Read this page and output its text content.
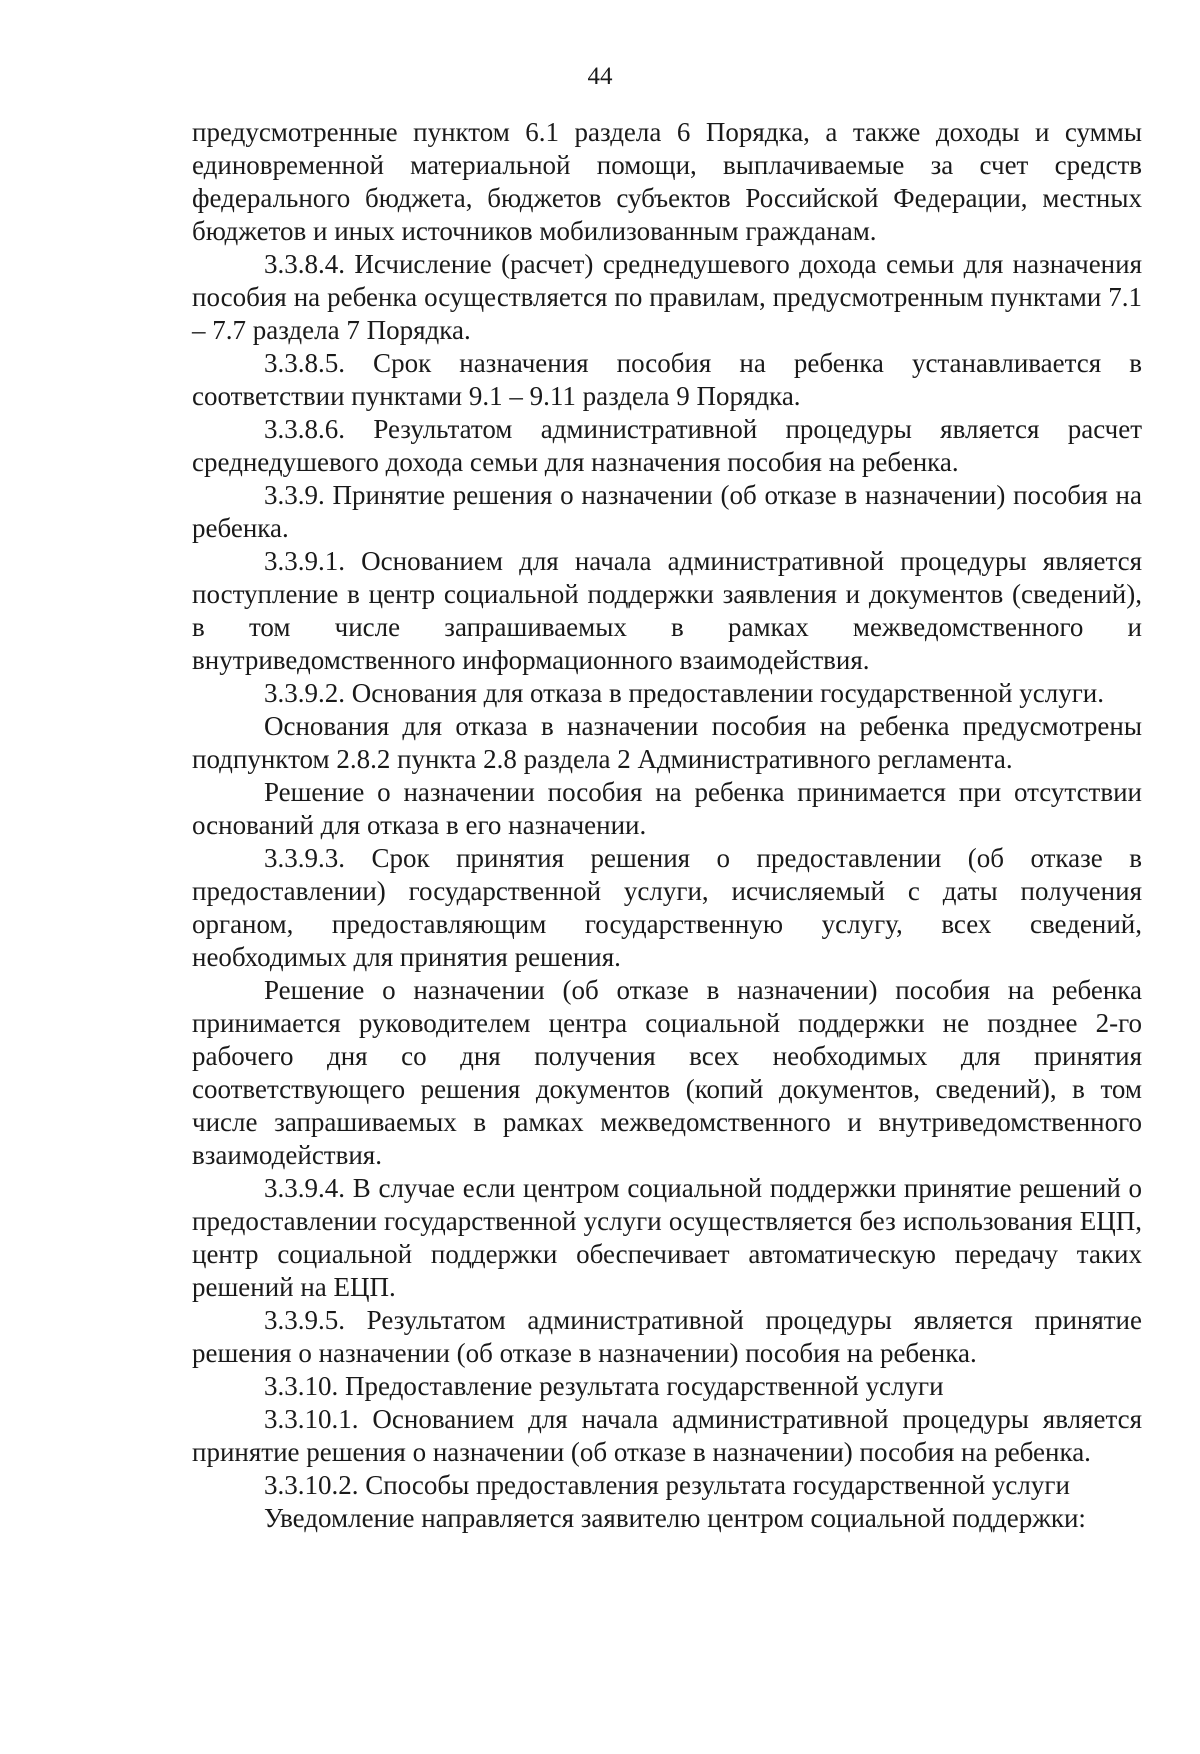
44

предусмотренные пунктом 6.1 раздела 6 Порядка, а также доходы и суммы единовременной материальной помощи, выплачиваемые за счет средств федерального бюджета, бюджетов субъектов Российской Федерации, местных бюджетов и иных источников мобилизованным гражданам.

3.3.8.4. Исчисление (расчет) среднедушевого дохода семьи для назначения пособия на ребенка осуществляется по правилам, предусмотренным пунктами 7.1 – 7.7 раздела 7 Порядка.

3.3.8.5. Срок назначения пособия на ребенка устанавливается в соответствии пунктами 9.1 – 9.11 раздела 9 Порядка.

3.3.8.6. Результатом административной процедуры является расчет среднедушевого дохода семьи для назначения пособия на ребенка.

3.3.9. Принятие решения о назначении (об отказе в назначении) пособия на ребенка.

3.3.9.1. Основанием для начала административной процедуры является поступление в центр социальной поддержки заявления и документов (сведений), в том числе запрашиваемых в рамках межведомственного и внутриведомственного информационного взаимодействия.

3.3.9.2. Основания для отказа в предоставлении государственной услуги.

Основания для отказа в назначении пособия на ребенка предусмотрены подпунктом 2.8.2 пункта 2.8 раздела 2 Административного регламента.

Решение о назначении пособия на ребенка принимается при отсутствии оснований для отказа в его назначении.

3.3.9.3. Срок принятия решения о предоставлении (об отказе в предоставлении) государственной услуги, исчисляемый с даты получения органом, предоставляющим государственную услугу, всех сведений, необходимых для принятия решения.

Решение о назначении (об отказе в назначении) пособия на ребенка принимается руководителем центра социальной поддержки не позднее 2-го рабочего дня со дня получения всех необходимых для принятия соответствующего решения документов (копий документов, сведений), в том числе запрашиваемых в рамках межведомственного и внутриведомственного взаимодействия.

3.3.9.4. В случае если центром социальной поддержки принятие решений о предоставлении государственной услуги осуществляется без использования ЕЦП, центр социальной поддержки обеспечивает автоматическую передачу таких решений на ЕЦП.

3.3.9.5. Результатом административной процедуры является принятие решения о назначении (об отказе в назначении) пособия на ребенка.

3.3.10. Предоставление результата государственной услуги

3.3.10.1. Основанием для начала административной процедуры является принятие решения о назначении (об отказе в назначении) пособия на ребенка.

3.3.10.2. Способы предоставления результата государственной услуги

Уведомление направляется заявителю центром социальной поддержки:
